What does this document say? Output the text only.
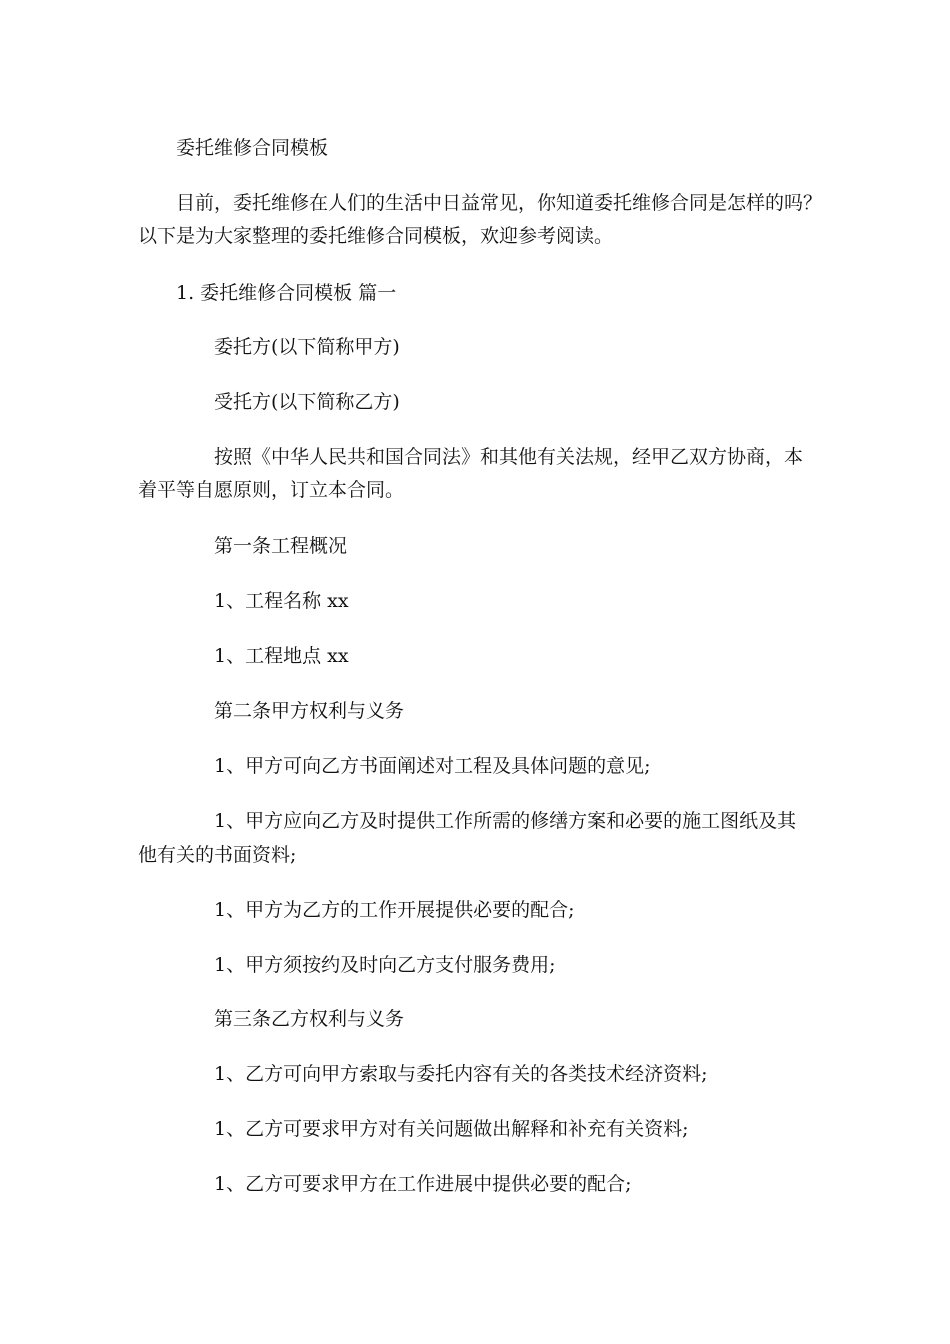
委托维修合同模板
目前，委托维修在人们的生活中日益常见，你知道委托维修合同是怎样的吗？
以下是为大家整理的委托维修合同模板，欢迎参考阅读。
1. 委托维修合同模板 篇一
委托方(以下简称甲方)
受托方(以下简称乙方)
按照《中华人民共和国合同法》和其他有关法规，经甲乙双方协商，本
着平等自愿原则，订立本合同。
第一条工程概况
1、工程名称 xx
1、工程地点 xx
第二条甲方权利与义务
1、甲方可向乙方书面阐述对工程及具体问题的意见;
1、甲方应向乙方及时提供工作所需的修缮方案和必要的施工图纸及其
他有关的书面资料;
1、甲方为乙方的工作开展提供必要的配合;
1、甲方须按约及时向乙方支付服务费用;
第三条乙方权利与义务
1、乙方可向甲方索取与委托内容有关的各类技术经济资料;
1、乙方可要求甲方对有关问题做出解释和补充有关资料;
1、乙方可要求甲方在工作进展中提供必要的配合;
